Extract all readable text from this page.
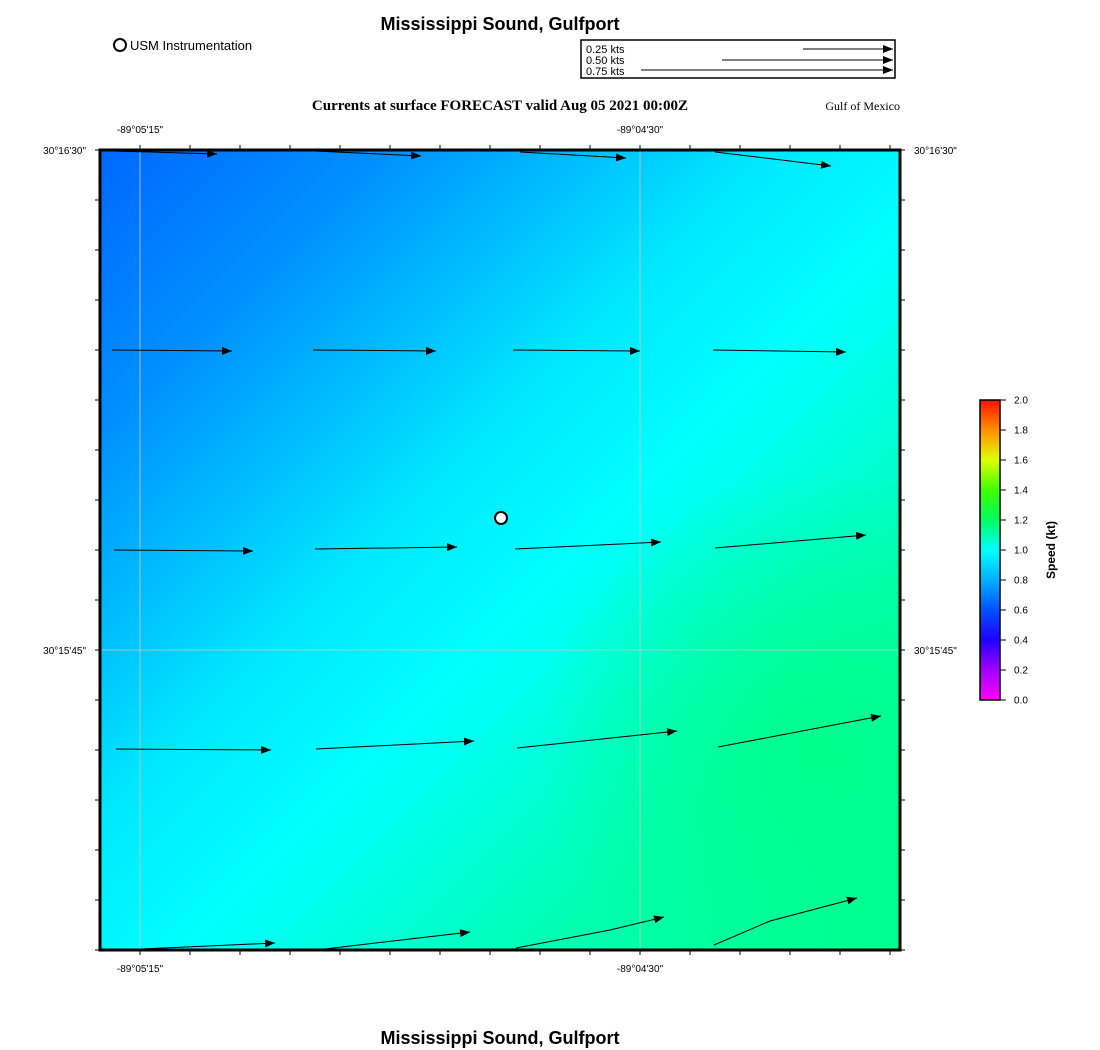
Mississippi Sound, Gulfport
Currents at surface FORECAST valid Aug 05 2021 00:00Z	Gulf of Mexico
Mississippi Sound, Gulfport
USM Instrumentation	0.25 kts
0.50 kts
0.75 kts
-89°05'15"	-89°04'30"
-89°05'15"	-89°04'30"
30°16'30"
30°15'45"
30°16'30"
30°15'45"
0.0
0.2
0.4
0.6
0.8
1.0
1.2
1.4
1.6
1.8
2.0
Speed (kt)
